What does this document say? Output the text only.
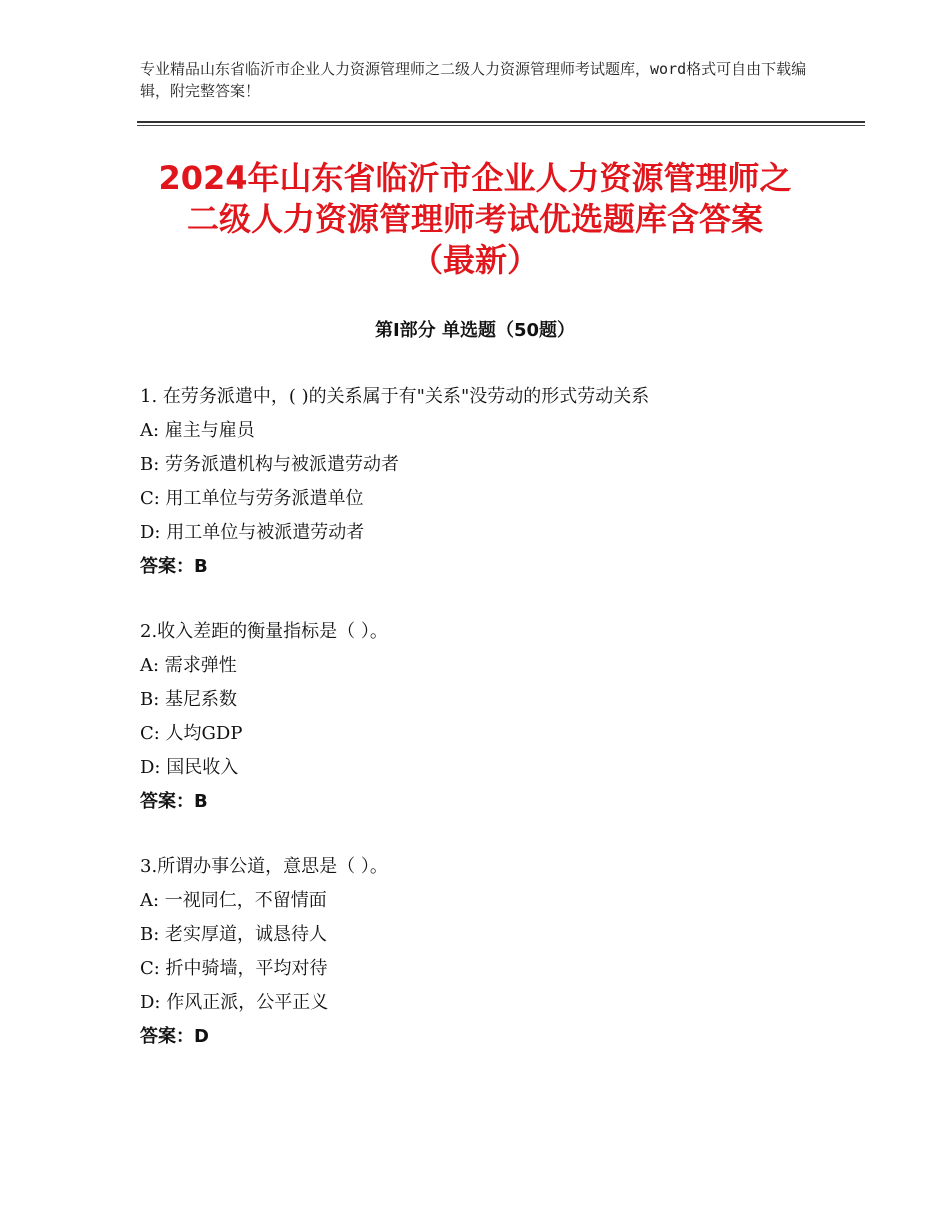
专业精品山东省临沂市企业人力资源管理师之二级人力资源管理师考试题库，word格式可自由下载编辑，附完整答案！
2024年山东省临沂市企业人力资源管理师之
二级人力资源管理师考试优选题库含答案
（最新）
第Ⅰ部分 单选题（50题）
1. 在劳务派遣中，( )的关系属于有"关系"没劳动的形式劳动关系
A: 雇主与雇员
B: 劳务派遣机构与被派遣劳动者
C: 用工单位与劳务派遣单位
D: 用工单位与被派遣劳动者
答案：B
2.收入差距的衡量指标是（ ）。
A: 需求弹性
B: 基尼系数
C: 人均GDP
D: 国民收入
答案：B
3.所谓办事公道，意思是（ ）。
A: 一视同仁，不留情面
B: 老实厚道，诚恳待人
C: 折中骑墙，平均对待
D: 作风正派，公平正义
答案：D
